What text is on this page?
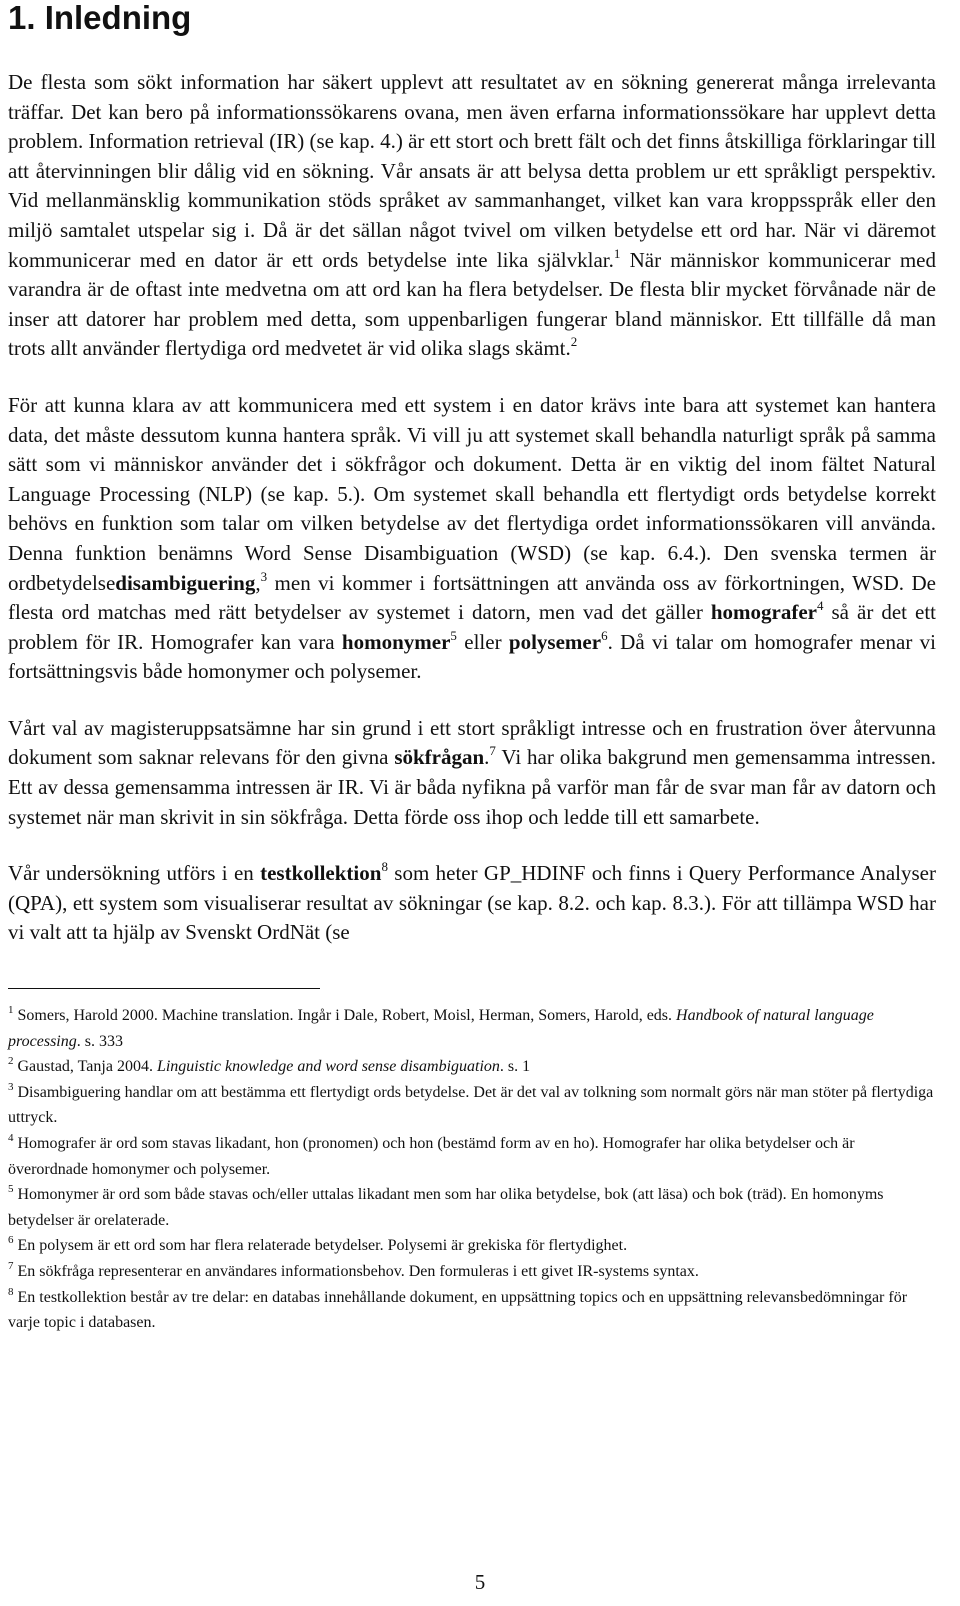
1. Inledning

De flesta som sökt information har säkert upplevt att resultatet av en sökning genererat många irrelevanta träffar. Det kan bero på informationssökarens ovana, men även erfarna informationssökare har upplevt detta problem. Information retrieval (IR) (se kap. 4.) är ett stort och brett fält och det finns åtskilliga förklaringar till att återvinningen blir dålig vid en sökning. Vår ansats är att belysa detta problem ur ett språkligt perspektiv. Vid mellanmänsklig kommunikation stöds språket av sammanhanget, vilket kan vara kroppsspråk eller den miljö samtalet utspelar sig i. Då är det sällan något tvivel om vilken betydelse ett ord har. När vi däremot kommunicerar med en dator är ett ords betydelse inte lika självklar.$^1$ När människor kommunicerar med varandra är de oftast inte medvetna om att ord kan ha flera betydelser. De flesta blir mycket förvånade när de inser att datorer har problem med detta, som uppenbarligen fungerar bland människor. Ett tillfälle då man trots allt använder flertydiga ord medvetet är vid olika slags skämt.$^2$

För att kunna klara av att kommunicera med ett system i en dator krävs inte bara att systemet kan hantera data, det måste dessutom kunna hantera språk. Vi vill ju att systemet skall behandla naturligt språk på samma sätt som vi människor använder det i sökfrågor och dokument. Detta är en viktig del inom fältet Natural Language Processing (NLP) (se kap. 5.). Om systemet skall behandla ett flertydigt ords betydelse korrekt behövs en funktion som talar om vilken betydelse av det flertydiga ordet informationssökaren vill använda. Denna funktion benämns Word Sense Disambiguation (WSD) (se kap. 6.4.). Den svenska termen är ordbetydelsedisambiguering,$^3$ men vi kommer i fortsättningen att använda oss av förkortningen, WSD. De flesta ord matchas med rätt betydelser av systemet i datorn, men vad det gäller homografer$^4$ så är det ett problem för IR. Homografer kan vara homonymer$^5$ eller polysemer$^6$. Då vi talar om homografer menar vi fortsättningsvis både homonymer och polysemer.

Vårt val av magisteruppsatsämne har sin grund i ett stort språkligt intresse och en frustration över återvunna dokument som saknar relevans för den givna sökfrågan.$^7$ Vi har olika bakgrund men gemensamma intressen. Ett av dessa gemensamma intressen är IR. Vi är båda nyfikna på varför man får de svar man får av datorn och systemet när man skrivit in sin sökfråga. Detta förde oss ihop och ledde till ett samarbete.

Vår undersökning utförs i en testkollektion$^8$ som heter GP_HDINF och finns i Query Performance Analyser (QPA), ett system som visualiserar resultat av sökningar (se kap. 8.2. och kap. 8.3.). För att tillämpa WSD har vi valt att ta hjälp av Svenskt OrdNät (se

$^1$ Somers, Harold 2000. Machine translation. Ingår i Dale, Robert, Moisl, Herman, Somers, Harold, eds. Handbook of natural language processing. s. 333

$^2$ Gaustad, Tanja 2004. Linguistic knowledge and word sense disambiguation. s. 1

$^3$ Disambiguering handlar om att bestämma ett flertydigt ords betydelse. Det är det val av tolkning som normalt görs när man stöter på flertydiga uttryck.

$^4$ Homografer är ord som stavas likadant, hon (pronomen) och hon (bestämd form av en ho). Homografer har olika betydelser och är överordnade homonymer och polysemer.

$^5$ Homonymer är ord som både stavas och/eller uttalas likadant men som har olika betydelse, bok (att läsa) och bok (träd). En homonyms betydelser är orelaterade.

$^6$ En polysem är ett ord som har flera relaterade betydelser. Polysemi är grekiska för flertydighet.

$^7$ En sökfråga representerar en användares informationsbehov. Den formuleras i ett givet IR-systems syntax.

$^8$ En testkollektion består av tre delar: en databas innehållande dokument, en uppsättning topics och en uppsättning relevansbedömningar för varje topic i databasen.

5
